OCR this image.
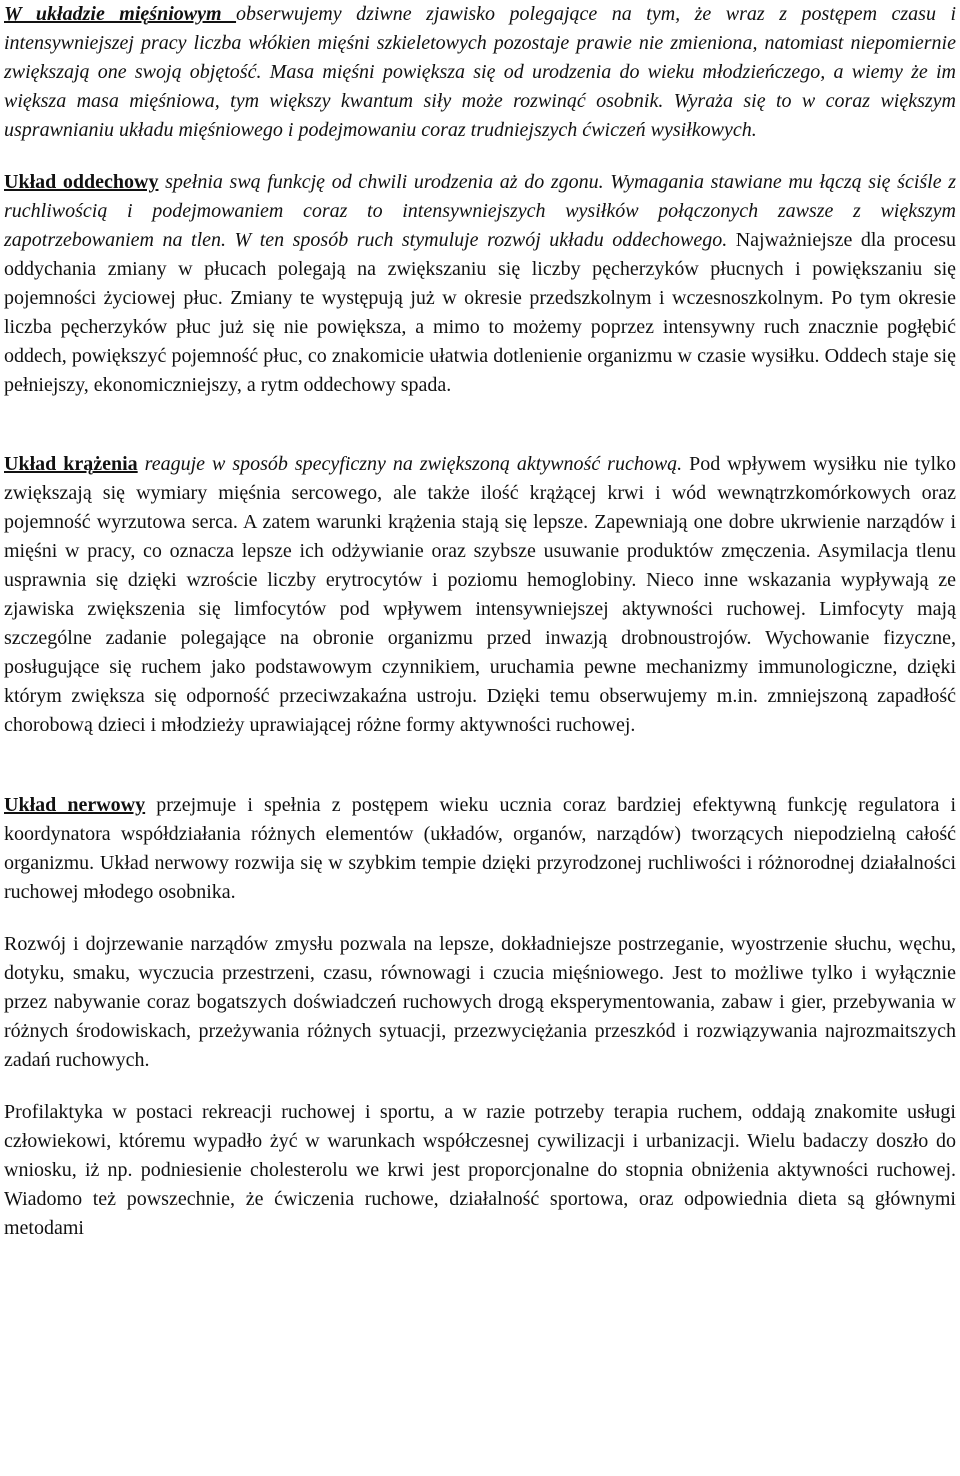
W układzie mięśniowym obserwujemy dziwne zjawisko polegające na tym, że wraz z postępem czasu i intensywniejszej pracy liczba włókien mięśni szkieletowych pozostaje prawie nie zmieniona, natomiast niepomiernie zwiększają one swoją objętość. Masa mięśni powiększa się od urodzenia do wieku młodzieńczego, a wiemy że im większa masa mięśniowa, tym większy kwantum siły może rozwinąć osobnik. Wyraża się to w coraz większym usprawnianiu układu mięśniowego i podejmowaniu coraz trudniejszych ćwiczeń wysiłkowych.

Układ oddechowy spełnia swą funkcję od chwili urodzenia aż do zgonu. Wymagania stawiane mu łączą się ściśle z ruchliwością i podejmowaniem coraz to intensywniejszych wysiłków połączonych zawsze z większym zapotrzebowaniem na tlen. W ten sposób ruch stymuluje rozwój układu oddechowego. Najważniejsze dla procesu oddychania zmiany w płucach polegają na zwiększaniu się liczby pęcherzyków płucnych i powiększaniu się pojemności życiowej płuc. Zmiany te występują już w okresie przedszkolnym i wczesnoszkolnym. Po tym okresie liczba pęcherzyków płuc już się nie powiększa, a mimo to możemy poprzez intensywny ruch znacznie pogłębić oddech, powiększyć pojemność płuc, co znakomicie ułatwia dotlenienie organizmu w czasie wysiłku. Oddech staje się pełniejszy, ekonomiczniejszy, a rytm oddechowy spada.

Układ krążenia reaguje w sposób specyficzny na zwiększoną aktywność ruchową. Pod wpływem wysiłku nie tylko zwiększają się wymiary mięśnia sercowego, ale także ilość krążącej krwi i wód wewnątrzkomórkowych oraz pojemność wyrzutowa serca. A zatem warunki krążenia stają się lepsze. Zapewniają one dobre ukrwienie narządów i mięśni w pracy, co oznacza lepsze ich odżywianie oraz szybsze usuwanie produktów zmęczenia. Asymilacja tlenu usprawnia się dzięki wzroście liczby erytrocytów i poziomu hemoglobiny. Nieco inne wskazania wypływają ze zjawiska zwiększenia się limfocytów pod wpływem intensywniejszej aktywności ruchowej. Limfocyty mają szczególne zadanie polegające na obronie organizmu przed inwazją drobnoustrojów. Wychowanie fizyczne, posługujące się ruchem jako podstawowym czynnikiem, uruchamia pewne mechanizmy immunologiczne, dzięki którym zwiększa się odporność przeciwzakaźna ustroju. Dzięki temu obserwujemy m.in. zmniejszoną zapadłość chorobową dzieci i młodzieży uprawiającej różne formy aktywności ruchowej.

Układ nerwowy przejmuje i spełnia z postępem wieku ucznia coraz bardziej efektywną funkcję regulatora i koordynatora współdziałania różnych elementów (układów, organów, narządów) tworzących niepodzielną całość organizmu. Układ nerwowy rozwija się w szybkim tempie dzięki przyrodzonej ruchliwości i różnorodnej działalności ruchowej młodego osobnika.

Rozwój i dojrzewanie narządów zmysłu pozwala na lepsze, dokładniejsze postrzeganie, wyostrzenie słuchu, węchu, dotyku, smaku, wyczucia przestrzeni, czasu, równowagi i czucia mięśniowego. Jest to możliwe tylko i wyłącznie przez nabywanie coraz bogatszych doświadczeń ruchowych drogą eksperymentowania, zabaw i gier, przebywania w różnych środowiskach, przeżywania różnych sytuacji, przezwyciężania przeszkód i rozwiązywania najrozmaitszych zadań ruchowych.

Profilaktyka w postaci rekreacji ruchowej i sportu, a w razie potrzeby terapia ruchem, oddają znakomite usługi człowiekowi, któremu wypadło żyć w warunkach współczesnej cywilizacji i urbanizacji. Wielu badaczy doszło do wniosku, iż np. podniesienie cholesterolu we krwi jest proporcjonalne do stopnia obniżenia aktywności ruchowej. Wiadomo też powszechnie, że ćwiczenia ruchowe, działalność sportowa, oraz odpowiednia dieta są głównymi metodami
